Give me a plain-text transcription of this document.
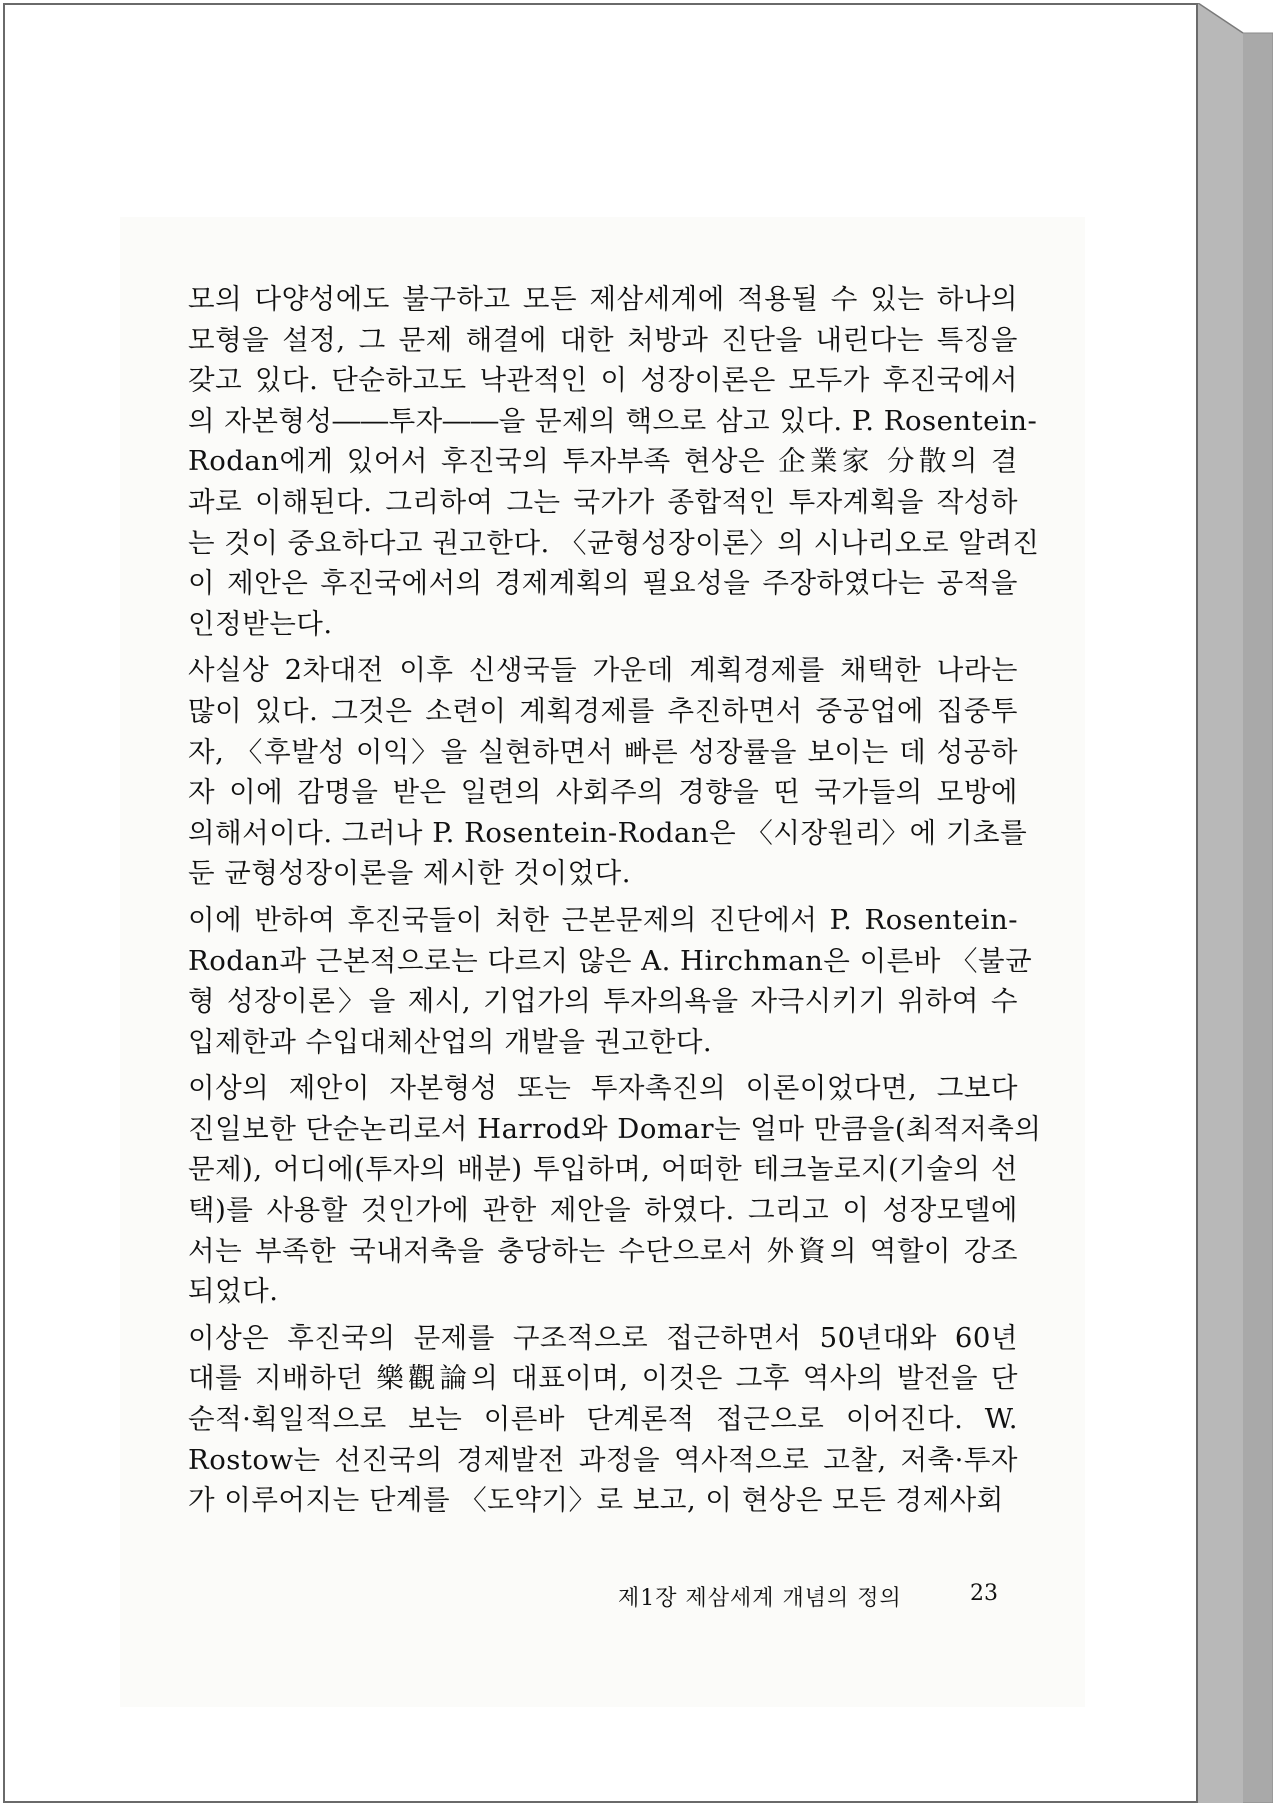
모의 다양성에도 불구하고 모든 제삼세계에 적용될 수 있는 하나의
모형을 설정, 그 문제 해결에 대한 처방과 진단을 내린다는 특징을
갖고 있다. 단순하고도 낙관적인 이 성장이론은 모두가 후진국에서
의 자본형성――투자――을 문제의 핵으로 삼고 있다. P. Rosentein-
Rodan에게 있어서 후진국의 투자부족 현상은 企業家 分散의 결
과로 이해된다. 그리하여 그는 국가가 종합적인 투자계획을 작성하
는 것이 중요하다고 권고한다. 〈균형성장이론〉의 시나리오로 알려진
이 제안은 후진국에서의 경제계획의 필요성을 주장하였다는 공적을
인정받는다.
사실상 2차대전 이후 신생국들 가운데 계획경제를 채택한 나라는
많이 있다. 그것은 소련이 계획경제를 추진하면서 중공업에 집중투
자, 〈후발성 이익〉을 실현하면서 빠른 성장률을 보이는 데 성공하
자 이에 감명을 받은 일련의 사회주의 경향을 띤 국가들의 모방에
의해서이다. 그러나 P. Rosentein-Rodan은 〈시장원리〉에 기초를
둔 균형성장이론을 제시한 것이었다.
이에 반하여 후진국들이 처한 근본문제의 진단에서 P. Rosentein-
Rodan과 근본적으로는 다르지 않은 A. Hirchman은 이른바 〈불균
형 성장이론〉을 제시, 기업가의 투자의욕을 자극시키기 위하여 수
입제한과 수입대체산업의 개발을 권고한다.
이상의 제안이 자본형성 또는 투자촉진의 이론이었다면, 그보다
진일보한 단순논리로서 Harrod와 Domar는 얼마 만큼을(최적저축의
문제), 어디에(투자의 배분) 투입하며, 어떠한 테크놀로지(기술의 선
택)를 사용할 것인가에 관한 제안을 하였다. 그리고 이 성장모델에
서는 부족한 국내저축을 충당하는 수단으로서 外資의 역할이 강조
되었다.
이상은 후진국의 문제를 구조적으로 접근하면서 50년대와 60년
대를 지배하던 樂觀論의 대표이며, 이것은 그후 역사의 발전을 단
순적·획일적으로 보는 이른바 단계론적 접근으로 이어진다. W.
Rostow는 선진국의 경제발전 과정을 역사적으로 고찰, 저축·투자
가 이루어지는 단계를 〈도약기〉로 보고, 이 현상은 모든 경제사회
제1장 제삼세계 개념의 정의	23
